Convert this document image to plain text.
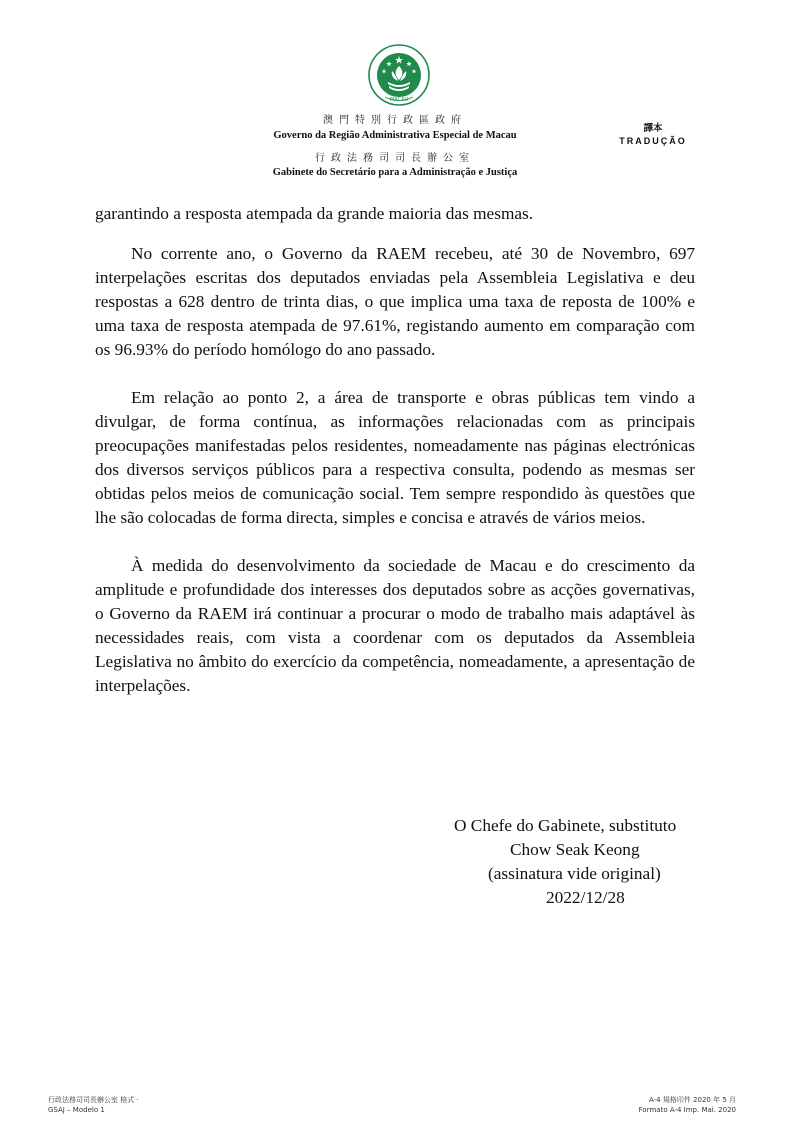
MACAU
澳門特別行政區政府
Governo da Região Administrativa Especial de Macau
行政法務司司長辦公室
Gabinete do Secretário para a Administração e Justiça
譯本
TRADUÇÃO

garantindo a resposta atempada da grande maioria das mesmas.

No corrente ano, o Governo da RAEM recebeu, até 30 de Novembro, 697 interpelações escritas dos deputados enviadas pela Assembleia Legislativa e deu respostas a 628 dentro de trinta dias, o que implica uma taxa de reposta de 100% e uma taxa de resposta atempada de 97.61%, registando aumento em comparação com os 96.93% do período homólogo do ano passado.

Em relação ao ponto 2, a área de transporte e obras públicas tem vindo a divulgar, de forma contínua, as informações relacionadas com as principais preocupações manifestadas pelos residentes, nomeadamente nas páginas electrónicas dos diversos serviços públicos para a respectiva consulta, podendo as mesmas ser obtidas pelos meios de comunicação social. Tem sempre respondido às questões que lhe são colocadas de forma directa, simples e concisa e através de vários meios.

À medida do desenvolvimento da sociedade de Macau e do crescimento da amplitude e profundidade dos interesses dos deputados sobre as acções governativas, o Governo da RAEM irá continuar a procurar o modo de trabalho mais adaptável às necessidades reais, com vista a coordenar com os deputados da Assembleia Legislativa no âmbito do exercício da competência, nomeadamente, a apresentação de interpelações.

O Chefe do Gabinete, substituto
Chow Seak Keong
(assinatura vide original)
2022/12/28
行政法務司司長辦公室 格式 ·
GSAJ – Modelo 1
A-4 規格印件 2020 年 5 月
Formato A-4 Imp. Mai. 2020
